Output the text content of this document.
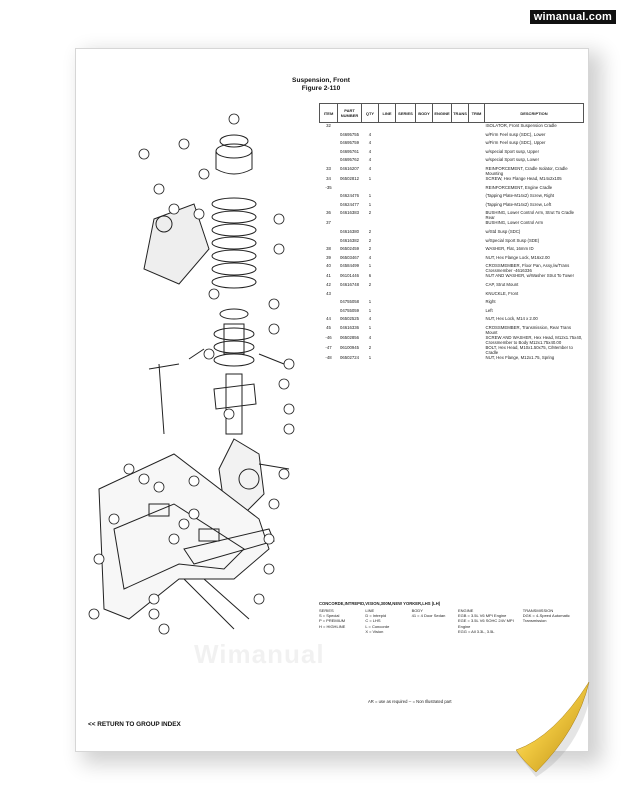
Suspension, Front
Figure 2-110
ITEM	PART NUMBER	QTY	LINE	SERIES	BODY	ENGINE	TRANS	TRIM	DESCRIPTION
32									ISOLATOR, Front Suspension Cradle
	04695755	4							w/Firm Feel susp (SDC), Lower
	04695759	4							w/Firm Feel susp (SDC), Upper
	04695761	4							w/special Sport susp, Upper
	04695762	4							w/special Sport susp, Lower
33	04616207	4							REINFORCEMENT, Cradle Isolator, Cradle Mounting
34	06502812	1							SCREW, Hex Flange Head, M14x2x105
-35									REINFORCEMENT, Engine Cradle
	04624476	1							(Tapping Plate-M14x2) Screw, Right
	04624477	1							(Tapping Plate-M14x2) Screw, Left
36	04616383	2							BUSHING, Lower Control Arm, Strut To Cradle Rear
37									BUSHING, Lower Control Arm
	04616380	2							w/Std Susp (SDC)
	04616382	2							w/Special Sport Susp (SDE)
38	06502459	2							WASHER, Flat, 16mm ID
39	06503467	4							NUT, Hex Flange Lock, M16x2.00
40	04584499	1							CROSSMEMBER, Floor Pan, Assy,/w/Trans Crossmember -4616336
41	06101446	6							NUT AND WASHER, w/Washer Strut To Tower
42	04616748	2							CAP, Strut Mount
43									KNUCKLE, Front
	04755058	1							Right
	04755059	1							Left
44	06502525	4							NUT, Hex Lock, M14 x 2.00
45	04616336	1							CROSSMEMBER, Transmission, Rear Trans Mount
-46	06502856	4							SCREW AND WASHER, Hex Head, M12x1.75x40, Crossmember to Body M12x1.75x40.00
-47	06100945	2							BOLT, Hex Head, M10x1.50x75, C/Member to Cradle
-48	06502724	1							NUT, Hex Flange, M12x1.75, Spring
CONCORDE,INTREPID,VISION,300M,NEW YORKER,LHS (LH)
SERIES
S = Special
P = PREMIUM
H = HIGHLINE
LINE
D = Intrepid
C = LHS
L = Concorde
X = Vision
BODY
41 = 4 Door Sedan
ENGINE
EGB = 3.5L V6 MPI Engine
EGE = 3.5L V6 SOHC 24V MPI Engine
EGG = All 3.3L, 3.5L
TRANSMISSION
DGK = 4-Speed Automatic Transmission
Wimanual
AR = use as required -- = Non Illustrated part
<< RETURN TO GROUP INDEX
wimanual.com
